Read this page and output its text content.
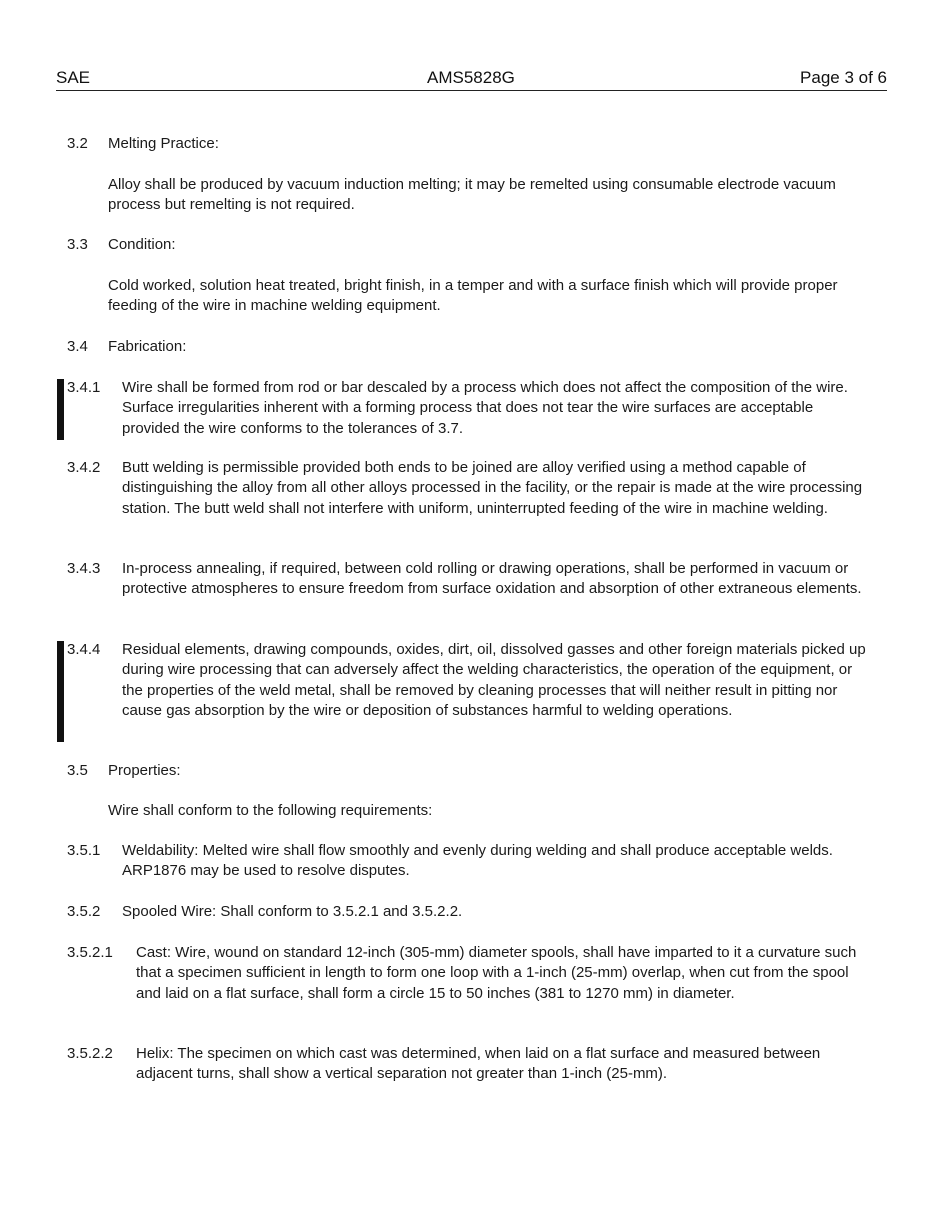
SAE	AMS5828G	Page 3 of 6
3.2 Melting Practice:
Alloy shall be produced by vacuum induction melting; it may be remelted using consumable electrode vacuum process but remelting is not required.
3.3 Condition:
Cold worked, solution heat treated, bright finish, in a temper and with a surface finish which will provide proper feeding of the wire in machine welding equipment.
3.4 Fabrication:
3.4.1 Wire shall be formed from rod or bar descaled by a process which does not affect the composition of the wire. Surface irregularities inherent with a forming process that does not tear the wire surfaces are acceptable provided the wire conforms to the tolerances of 3.7.
3.4.2 Butt welding is permissible provided both ends to be joined are alloy verified using a method capable of distinguishing the alloy from all other alloys processed in the facility, or the repair is made at the wire processing station. The butt weld shall not interfere with uniform, uninterrupted feeding of the wire in machine welding.
3.4.3 In-process annealing, if required, between cold rolling or drawing operations, shall be performed in vacuum or protective atmospheres to ensure freedom from surface oxidation and absorption of other extraneous elements.
3.4.4 Residual elements, drawing compounds, oxides, dirt, oil, dissolved gasses and other foreign materials picked up during wire processing that can adversely affect the welding characteristics, the operation of the equipment, or the properties of the weld metal, shall be removed by cleaning processes that will neither result in pitting nor cause gas absorption by the wire or deposition of substances harmful to welding operations.
3.5 Properties:
Wire shall conform to the following requirements:
3.5.1 Weldability: Melted wire shall flow smoothly and evenly during welding and shall produce acceptable welds. ARP1876 may be used to resolve disputes.
3.5.2 Spooled Wire: Shall conform to 3.5.2.1 and 3.5.2.2.
3.5.2.1 Cast: Wire, wound on standard 12-inch (305-mm) diameter spools, shall have imparted to it a curvature such that a specimen sufficient in length to form one loop with a 1-inch (25-mm) overlap, when cut from the spool and laid on a flat surface, shall form a circle 15 to 50 inches (381 to 1270 mm) in diameter.
3.5.2.2 Helix: The specimen on which cast was determined, when laid on a flat surface and measured between adjacent turns, shall show a vertical separation not greater than 1-inch (25-mm).
